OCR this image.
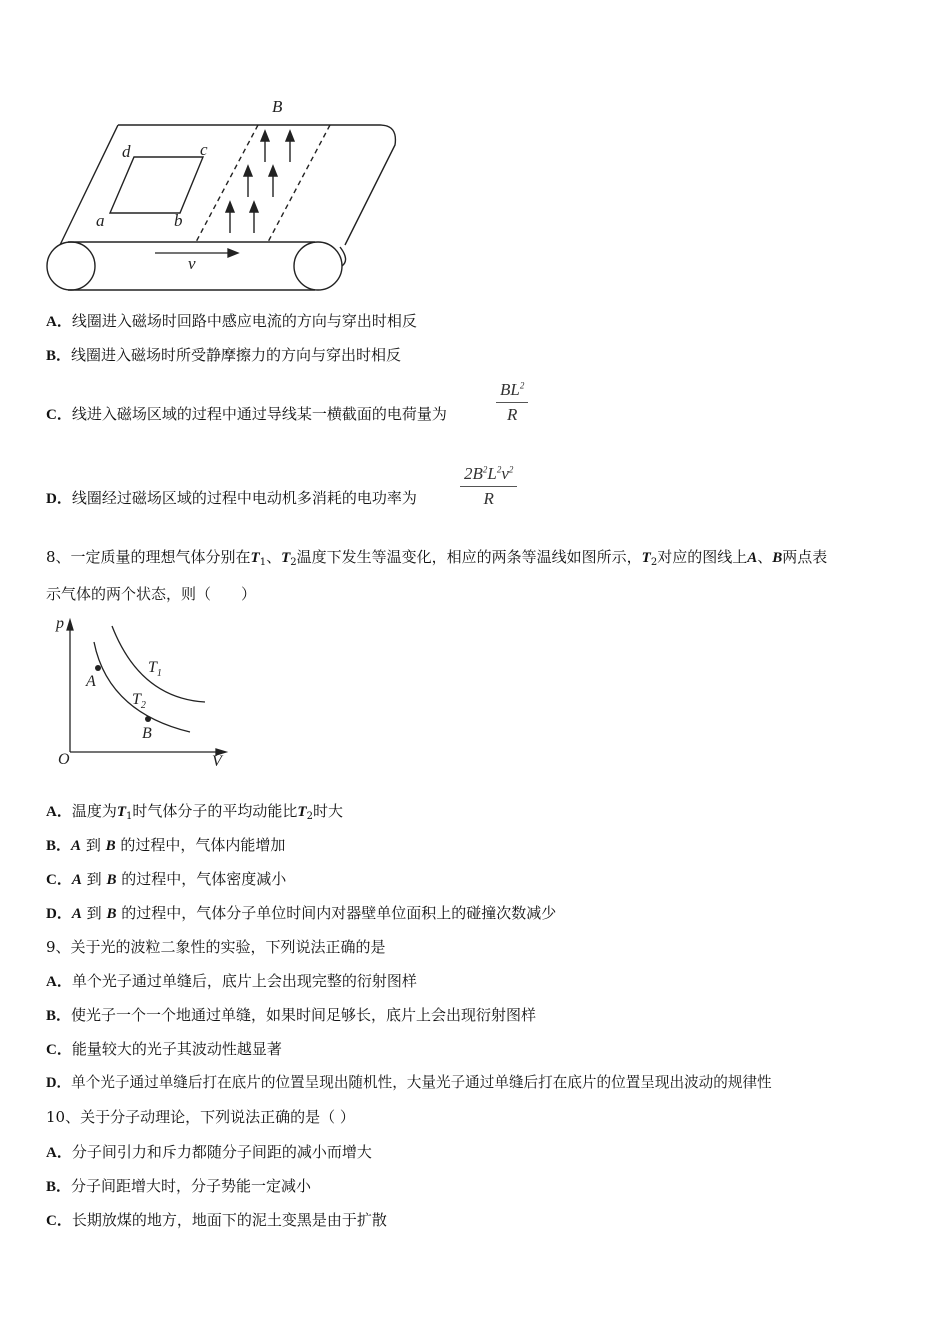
B
d	c
a	b
v
A．线圈进入磁场时回路中感应电流的方向与穿出时相反
B．线圈进入磁场时所受静摩擦力的方向与穿出时相反
C．线进入磁场区域的过程中通过导线某一横截面的电荷量为	$\frac{BL^2}{R}$
D．线圈经过磁场区域的过程中电动机多消耗的电功率为	$\frac{2B^2L^2v^2}{R}$
8、一定质量的理想气体分别在$T_1$、$T_2$温度下发生等温变化，相应的两条等温线如图所示，$T_2$对应的图线上A、B两点表
示气体的两个状态，则（　　）
p
V
O
A
B
$T_1$
$T_2$
A．温度为$T_1$时气体分子的平均动能比$T_2$时大
B．A 到 B 的过程中，气体内能增加
C．A 到 B 的过程中，气体密度减小
D．A 到 B 的过程中，气体分子单位时间内对器壁单位面积上的碰撞次数减少
9、关于光的波粒二象性的实验，下列说法正确的是
A．单个光子通过单缝后，底片上会出现完整的衍射图样
B．使光子一个一个地通过单缝，如果时间足够长，底片上会出现衍射图样
C．能量较大的光子其波动性越显著
D．单个光子通过单缝后打在底片的位置呈现出随机性，大量光子通过单缝后打在底片的位置呈现出波动的规律性
10、关于分子动理论，下列说法正确的是（ ）
A．分子间引力和斥力都随分子间距的减小而增大
B．分子间距增大时，分子势能一定减小
C．长期放煤的地方，地面下的泥土变黑是由于扩散
